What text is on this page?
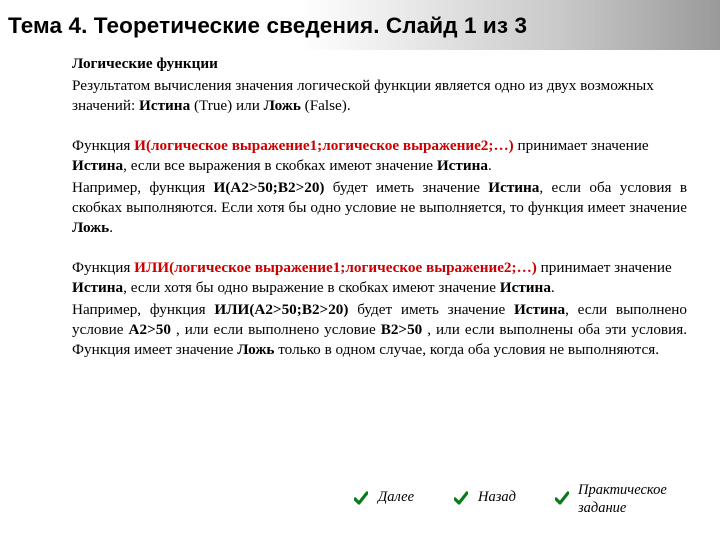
Тема 4. Теоретические сведения. Слайд 1 из 3

Логические функции

Результатом вычисления значения логической функции является одно из двух возможных значений: Истина (True) или Ложь (False).

Функция И(логическое выражение1;логическое выражение2;…) принимает значение Истина, если все выражения в скобках имеют значение Истина.

Например, функция И(A2>50;B2>20) будет иметь значение Истина, если оба условия в скобках выполняются. Если хотя бы одно условие не выполняется, то функция имеет значение Ложь.

Функция ИЛИ(логическое выражение1;логическое выражение2;…) принимает значение Истина, если хотя бы одно выражение в скобках имеют значение Истина.

Например, функция ИЛИ(A2>50;B2>20) будет иметь значение Истина, если выполнено условие A2>50 , или если выполнено условие B2>50 , или если выполнены оба эти условия. Функция имеет значение Ложь только в одном случае, когда оба условия не выполняются.

Далее	Назад	Практическое
задание
